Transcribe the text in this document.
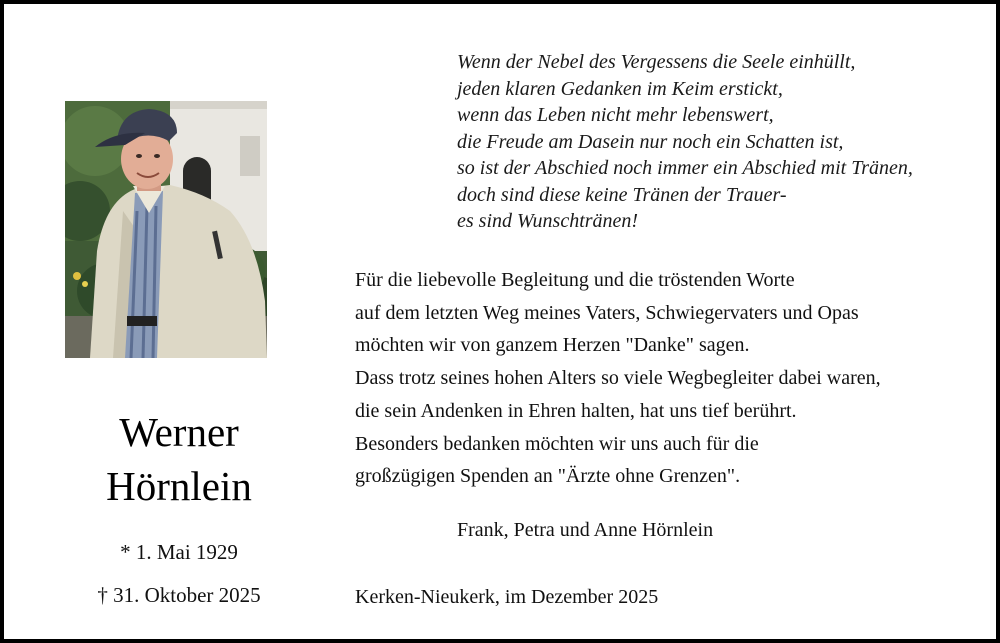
Werner
Hörnlein
* 1. Mai 1929
† 31. Oktober 2025
Wenn der Nebel des Vergessens die Seele einhüllt,
jeden klaren Gedanken im Keim erstickt,
wenn das Leben nicht mehr lebenswert,
die Freude am Dasein nur noch ein Schatten ist,
so ist der Abschied noch immer ein Abschied mit Tränen,
doch sind diese keine Tränen der Trauer-
es sind Wunschtränen!
Für die liebevolle Begleitung und die tröstenden Worte
auf dem letzten Weg meines Vaters, Schwiegervaters und Opas
möchten wir von ganzem Herzen "Danke" sagen.
Dass trotz seines hohen Alters so viele Wegbegleiter dabei waren,
die sein Andenken in Ehren halten, hat uns tief berührt.
Besonders bedanken möchten wir uns auch für die
großzügigen Spenden an "Ärzte ohne Grenzen".
Frank, Petra und Anne Hörnlein
Kerken-Nieukerk, im Dezember 2025
